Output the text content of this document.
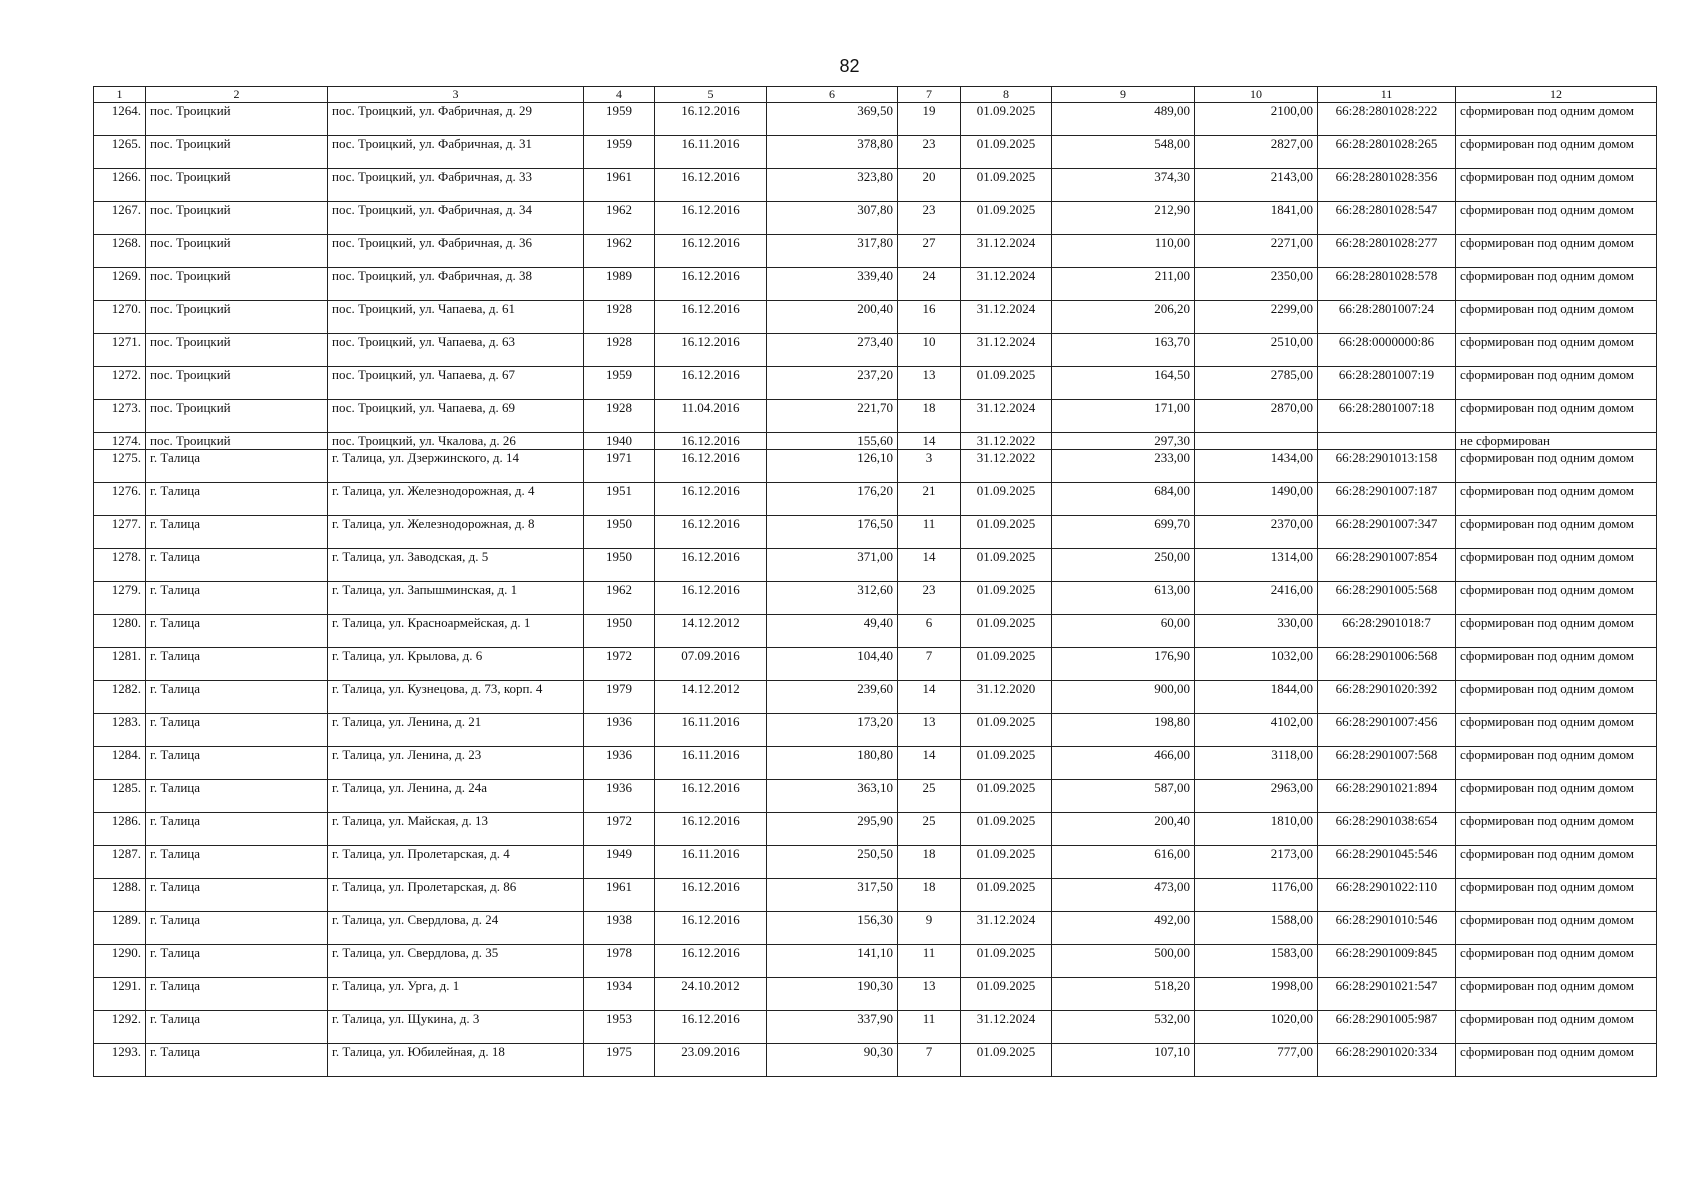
82
1	2	3	4	5	6	7	8	9	10	11	12
1264.	пос. Троицкий	пос. Троицкий, ул. Фабричная, д. 29	1959	16.12.2016	369,50	19	01.09.2025	489,00	2100,00	66:28:2801028:222	сформирован под одним домом
1265.	пос. Троицкий	пос. Троицкий, ул. Фабричная, д. 31	1959	16.11.2016	378,80	23	01.09.2025	548,00	2827,00	66:28:2801028:265	сформирован под одним домом
1266.	пос. Троицкий	пос. Троицкий, ул. Фабричная, д. 33	1961	16.12.2016	323,80	20	01.09.2025	374,30	2143,00	66:28:2801028:356	сформирован под одним домом
1267.	пос. Троицкий	пос. Троицкий, ул. Фабричная, д. 34	1962	16.12.2016	307,80	23	01.09.2025	212,90	1841,00	66:28:2801028:547	сформирован под одним домом
1268.	пос. Троицкий	пос. Троицкий, ул. Фабричная, д. 36	1962	16.12.2016	317,80	27	31.12.2024	110,00	2271,00	66:28:2801028:277	сформирован под одним домом
1269.	пос. Троицкий	пос. Троицкий, ул. Фабричная, д. 38	1989	16.12.2016	339,40	24	31.12.2024	211,00	2350,00	66:28:2801028:578	сформирован под одним домом
1270.	пос. Троицкий	пос. Троицкий, ул. Чапаева, д. 61	1928	16.12.2016	200,40	16	31.12.2024	206,20	2299,00	66:28:2801007:24	сформирован под одним домом
1271.	пос. Троицкий	пос. Троицкий, ул. Чапаева, д. 63	1928	16.12.2016	273,40	10	31.12.2024	163,70	2510,00	66:28:0000000:86	сформирован под одним домом
1272.	пос. Троицкий	пос. Троицкий, ул. Чапаева, д. 67	1959	16.12.2016	237,20	13	01.09.2025	164,50	2785,00	66:28:2801007:19	сформирован под одним домом
1273.	пос. Троицкий	пос. Троицкий, ул. Чапаева, д. 69	1928	11.04.2016	221,70	18	31.12.2024	171,00	2870,00	66:28:2801007:18	сформирован под одним домом
1274.	пос. Троицкий	пос. Троицкий, ул. Чкалова, д. 26	1940	16.12.2016	155,60	14	31.12.2022	297,30			не сформирован
1275.	г. Талица	г. Талица, ул. Дзержинского, д. 14	1971	16.12.2016	126,10	3	31.12.2022	233,00	1434,00	66:28:2901013:158	сформирован под одним домом
1276.	г. Талица	г. Талица, ул. Железнодорожная, д. 4	1951	16.12.2016	176,20	21	01.09.2025	684,00	1490,00	66:28:2901007:187	сформирован под одним домом
1277.	г. Талица	г. Талица, ул. Железнодорожная, д. 8	1950	16.12.2016	176,50	11	01.09.2025	699,70	2370,00	66:28:2901007:347	сформирован под одним домом
1278.	г. Талица	г. Талица, ул. Заводская, д. 5	1950	16.12.2016	371,00	14	01.09.2025	250,00	1314,00	66:28:2901007:854	сформирован под одним домом
1279.	г. Талица	г. Талица, ул. Запышминская, д. 1	1962	16.12.2016	312,60	23	01.09.2025	613,00	2416,00	66:28:2901005:568	сформирован под одним домом
1280.	г. Талица	г. Талица, ул. Красноармейская, д. 1	1950	14.12.2012	49,40	6	01.09.2025	60,00	330,00	66:28:2901018:7	сформирован под одним домом
1281.	г. Талица	г. Талица, ул. Крылова, д. 6	1972	07.09.2016	104,40	7	01.09.2025	176,90	1032,00	66:28:2901006:568	сформирован под одним домом
1282.	г. Талица	г. Талица, ул. Кузнецова, д. 73, корп. 4	1979	14.12.2012	239,60	14	31.12.2020	900,00	1844,00	66:28:2901020:392	сформирован под одним домом
1283.	г. Талица	г. Талица, ул. Ленина, д. 21	1936	16.11.2016	173,20	13	01.09.2025	198,80	4102,00	66:28:2901007:456	сформирован под одним домом
1284.	г. Талица	г. Талица, ул. Ленина, д. 23	1936	16.11.2016	180,80	14	01.09.2025	466,00	3118,00	66:28:2901007:568	сформирован под одним домом
1285.	г. Талица	г. Талица, ул. Ленина, д. 24а	1936	16.12.2016	363,10	25	01.09.2025	587,00	2963,00	66:28:2901021:894	сформирован под одним домом
1286.	г. Талица	г. Талица, ул. Майская, д. 13	1972	16.12.2016	295,90	25	01.09.2025	200,40	1810,00	66:28:2901038:654	сформирован под одним домом
1287.	г. Талица	г. Талица, ул. Пролетарская, д. 4	1949	16.11.2016	250,50	18	01.09.2025	616,00	2173,00	66:28:2901045:546	сформирован под одним домом
1288.	г. Талица	г. Талица, ул. Пролетарская, д. 86	1961	16.12.2016	317,50	18	01.09.2025	473,00	1176,00	66:28:2901022:110	сформирован под одним домом
1289.	г. Талица	г. Талица, ул. Свердлова, д. 24	1938	16.12.2016	156,30	9	31.12.2024	492,00	1588,00	66:28:2901010:546	сформирован под одним домом
1290.	г. Талица	г. Талица, ул. Свердлова, д. 35	1978	16.12.2016	141,10	11	01.09.2025	500,00	1583,00	66:28:2901009:845	сформирован под одним домом
1291.	г. Талица	г. Талица, ул. Урга, д. 1	1934	24.10.2012	190,30	13	01.09.2025	518,20	1998,00	66:28:2901021:547	сформирован под одним домом
1292.	г. Талица	г. Талица, ул. Щукина, д. 3	1953	16.12.2016	337,90	11	31.12.2024	532,00	1020,00	66:28:2901005:987	сформирован под одним домом
1293.	г. Талица	г. Талица, ул. Юбилейная, д. 18	1975	23.09.2016	90,30	7	01.09.2025	107,10	777,00	66:28:2901020:334	сформирован под одним домом
